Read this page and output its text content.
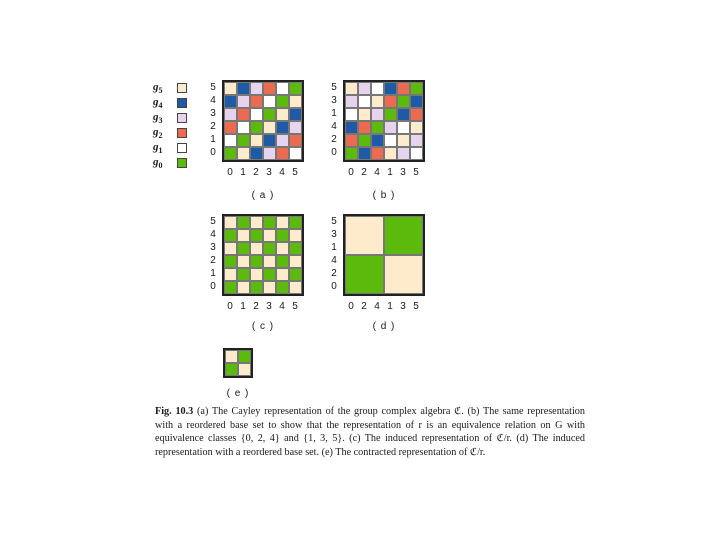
$g_5$
$g_4$
$g_3$
$g_2$
$g_1$
$g_0$
5
4
3
2
1
0
0 1 2 3 4 5
( a )
5
3
1
4
2
0
0 2 4 1 3 5
( b )
5
4
3
2
1
0
0 1 2 3 4 5
( c )
5
3
1
4
2
0
0 2 4 1 3 5
( d )
( e )
Fig. 10.3 (a) The Cayley representation of the group complex algebra ℭ. (b) The same representation with a reordered base set to show that the representation of r is an equivalence relation on G with equivalence classes {0, 2, 4} and {1, 3, 5}. (c) The induced representation of ℭ/r. (d) The induced representation with a reordered base set. (e) The contracted representation of ℭ/r.
